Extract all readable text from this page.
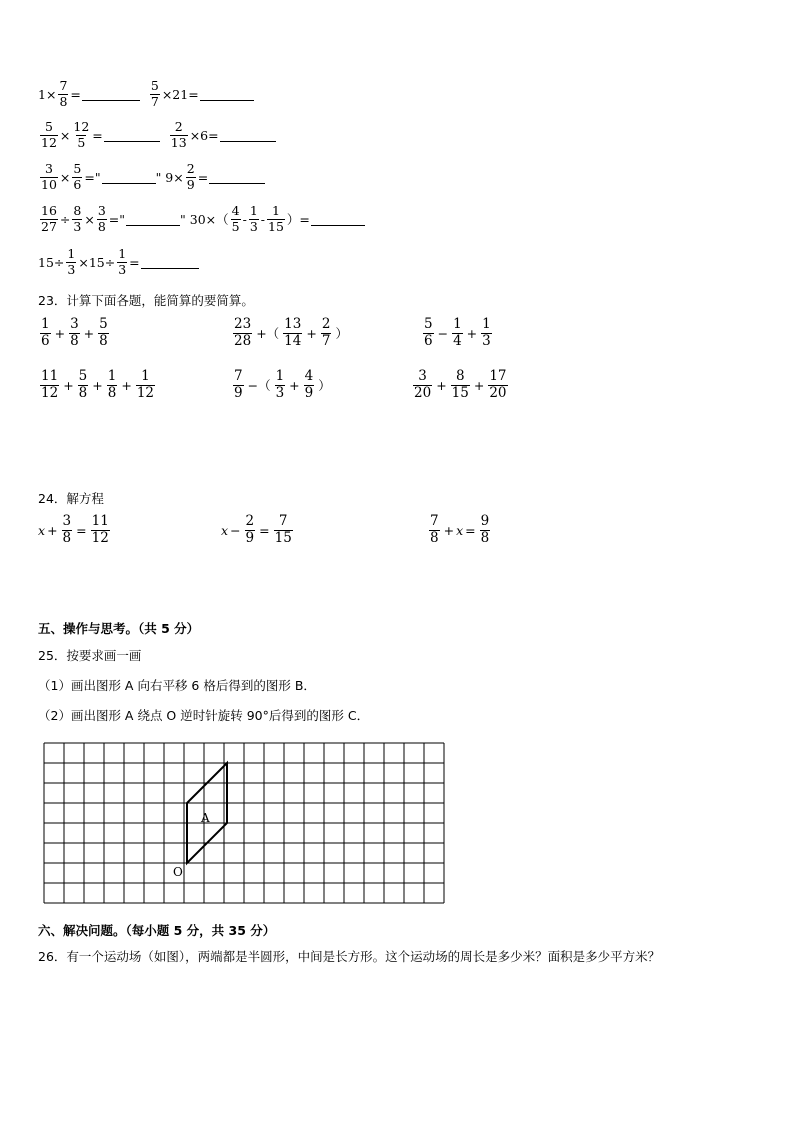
$1\times \frac{7}{8}$ =	$\frac{5}{7} \times 21=$
$\frac{5}{12} \times \frac{12}{5}$ =	$\frac{2}{13} \times 6=$
$\frac{3}{10} \times \frac{5}{6}$ ="	" $9\times \frac{2}{9}$ =
$\frac{16}{27} \div \frac{8}{3} \times \frac{3}{8}$ ="	" $30\times( \frac{4}{5} - \frac{1}{3} - \frac{1}{15}$ ）=
$15\div \frac{1}{3} \times 15\div \frac{1}{3}$ =
23．计算下面各题，能简算的要简算。
$\frac{1}{6} + \frac{3}{8} + \frac{5}{8}$	$\frac{23}{28}$ +（ $\frac{13}{14} + \frac{2}{7}$ ）	$\frac{5}{6} - \frac{1}{4} + \frac{1}{3}$
$\frac{11}{12} + \frac{5}{8} + \frac{1}{8} + \frac{1}{12}$	$\frac{7}{9}$ −（ $\frac{1}{3} + \frac{4}{9}$ ）	$\frac{3}{20} + \frac{8}{15} + \frac{17}{20}$
24．解方程
$x + \frac{3}{8} = \frac{11}{12}$	$x - \frac{2}{9} = \frac{7}{15}$	$\frac{7}{8} + x = \frac{9}{8}$
五、操作与思考。（共 5 分）
25．按要求画一画
（1）画出图形 A 向右平移 6 格后得到的图形 B．
（2）画出图形 A 绕点 O 逆时针旋转 90°后得到的图形 C．
A
O
六、解决问题。（每小题 5 分，共 35 分）
26．有一个运动场（如图），两端都是半圆形，中间是长方形。这个运动场的周长是多少米？面积是多少平方米？
